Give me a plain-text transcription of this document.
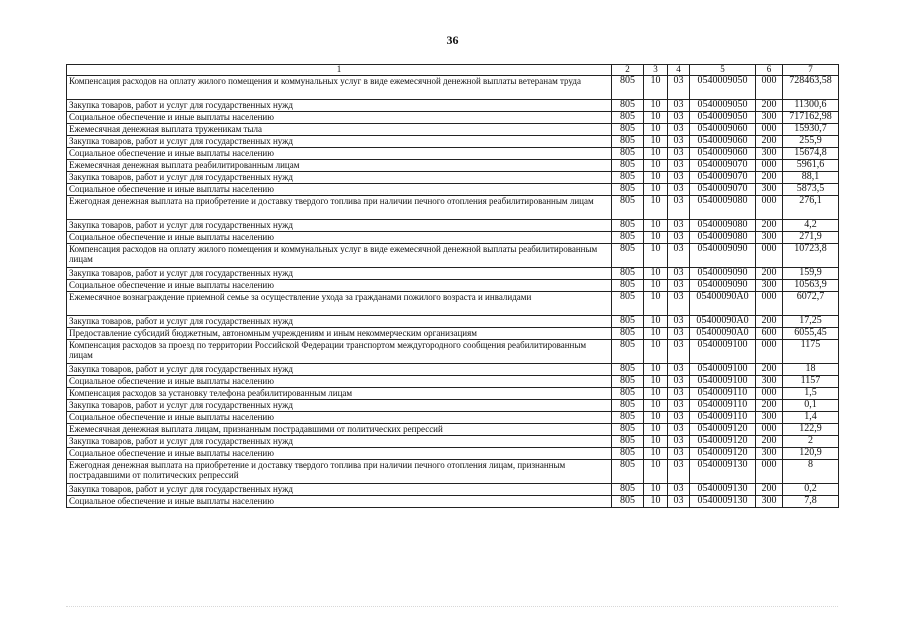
36
1	2	3	4	5	6	7
Компенсация расходов на оплату жилого помещения и коммунальных услуг в виде ежемесячной денежной выплаты ветеранам труда	805	10	03	0540009050	000	728463,58
Закупка товаров, работ и услуг для государственных нужд	805	10	03	0540009050	200	11300,6
Социальное обеспечение и иные выплаты населению	805	10	03	0540009050	300	717162,98
Ежемесячная денежная выплата труженикам тыла	805	10	03	0540009060	000	15930,7
Закупка товаров, работ и услуг для государственных нужд	805	10	03	0540009060	200	255,9
Социальное обеспечение и иные выплаты населению	805	10	03	0540009060	300	15674,8
Ежемесячная денежная выплата реабилитированным лицам	805	10	03	0540009070	000	5961,6
Закупка товаров, работ и услуг для государственных нужд	805	10	03	0540009070	200	88,1
Социальное обеспечение и иные выплаты населению	805	10	03	0540009070	300	5873,5
Ежегодная денежная выплата на приобретение и доставку твердого топлива при наличии печного отопления реабилитированным лицам	805	10	03	0540009080	000	276,1
Закупка товаров, работ и услуг для государственных нужд	805	10	03	0540009080	200	4,2
Социальное обеспечение и иные выплаты населению	805	10	03	0540009080	300	271,9
Компенсация расходов на оплату жилого помещения и коммунальных услуг в виде ежемесячной денежной выплаты реабилитированным лицам	805	10	03	0540009090	000	10723,8
Закупка товаров, работ и услуг для государственных нужд	805	10	03	0540009090	200	159,9
Социальное обеспечение и иные выплаты населению	805	10	03	0540009090	300	10563,9
Ежемесячное вознаграждение приемной семье за осуществление ухода за гражданами пожилого возраста и инвалидами	805	10	03	05400090А0	000	6072,7
Закупка товаров, работ и услуг для государственных нужд	805	10	03	05400090А0	200	17,25
Предоставление субсидий бюджетным, автономным учреждениям и иным некоммерческим организациям	805	10	03	05400090А0	600	6055,45
Компенсация расходов за проезд по территории Российской Федерации транспортом междугородного сообщения реабилитированным лицам	805	10	03	0540009100	000	1175
Закупка товаров, работ и услуг для государственных нужд	805	10	03	0540009100	200	18
Социальное обеспечение и иные выплаты населению	805	10	03	0540009100	300	1157
Компенсация расходов за установку телефона реабилитированным лицам	805	10	03	0540009110	000	1,5
Закупка товаров, работ и услуг для государственных нужд	805	10	03	0540009110	200	0,1
Социальное обеспечение и иные выплаты населению	805	10	03	0540009110	300	1,4
Ежемесячная денежная выплата лицам, признанным пострадавшими от политических репрессий	805	10	03	0540009120	000	122,9
Закупка товаров, работ и услуг для государственных нужд	805	10	03	0540009120	200	2
Социальное обеспечение и иные выплаты населению	805	10	03	0540009120	300	120,9
Ежегодная денежная выплата на приобретение и доставку твердого топлива при наличии печного отопления лицам, признанным пострадавшими от политических репрессий	805	10	03	0540009130	000	8
Закупка товаров, работ и услуг для государственных нужд	805	10	03	0540009130	200	0,2
Социальное обеспечение и иные выплаты населению	805	10	03	0540009130	300	7,8
